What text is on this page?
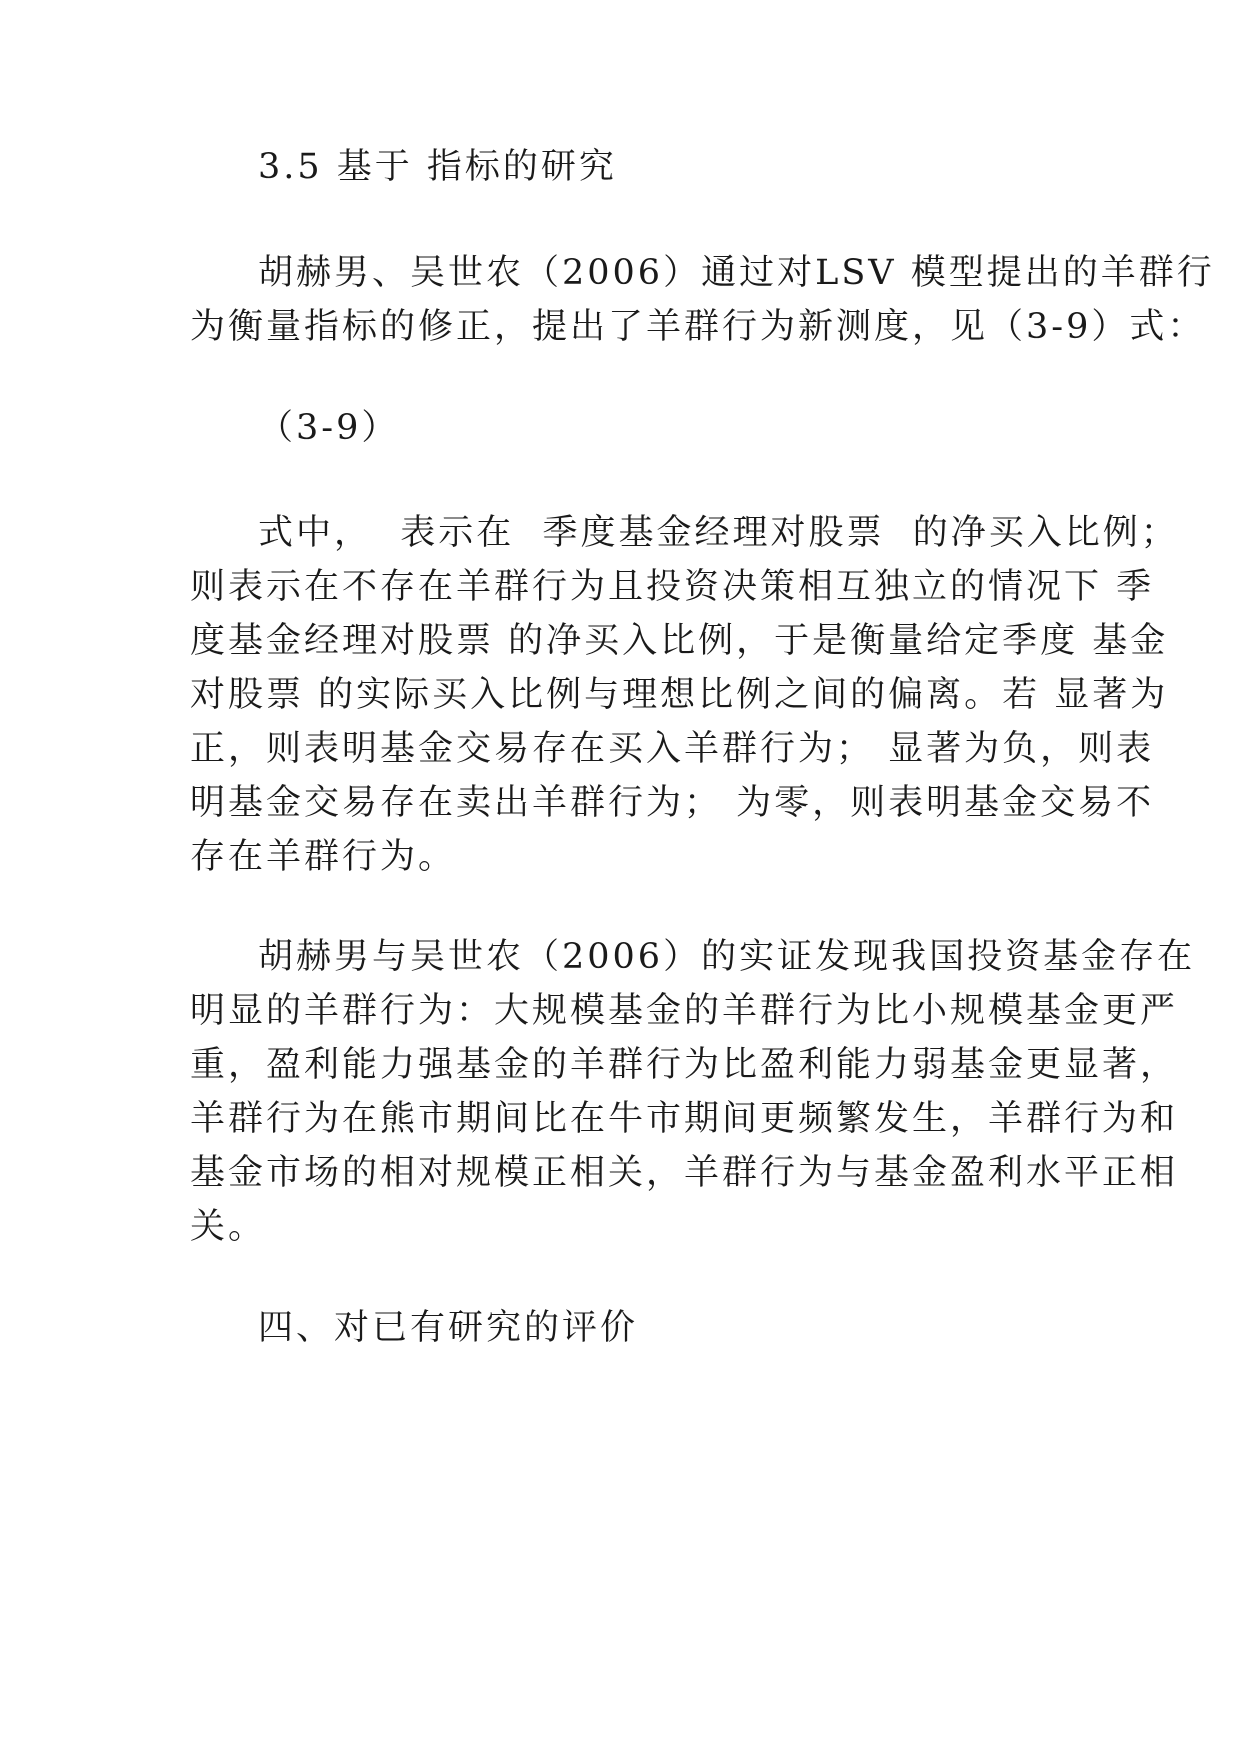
3.5 基于 指标的研究

胡赫男、吴世农（2006）通过对LSV 模型提出的羊群行

为衡量指标的修正，提出了羊群行为新测度，见（3-9）式：

（3-9）

式中，  表示在  季度基金经理对股票  的净买入比例；

则表示在不存在羊群行为且投资决策相互独立的情况下 季

度基金经理对股票 的净买入比例，于是衡量给定季度 基金

对股票 的实际买入比例与理想比例之间的偏离。若 显著为

正，则表明基金交易存在买入羊群行为； 显著为负，则表

明基金交易存在卖出羊群行为； 为零，则表明基金交易不

存在羊群行为。

胡赫男与吴世农（2006）的实证发现我国投资基金存在

明显的羊群行为：大规模基金的羊群行为比小规模基金更严

重，盈利能力强基金的羊群行为比盈利能力弱基金更显著，

羊群行为在熊市期间比在牛市期间更频繁发生，羊群行为和

基金市场的相对规模正相关，羊群行为与基金盈利水平正相

关。

四、对已有研究的评价
